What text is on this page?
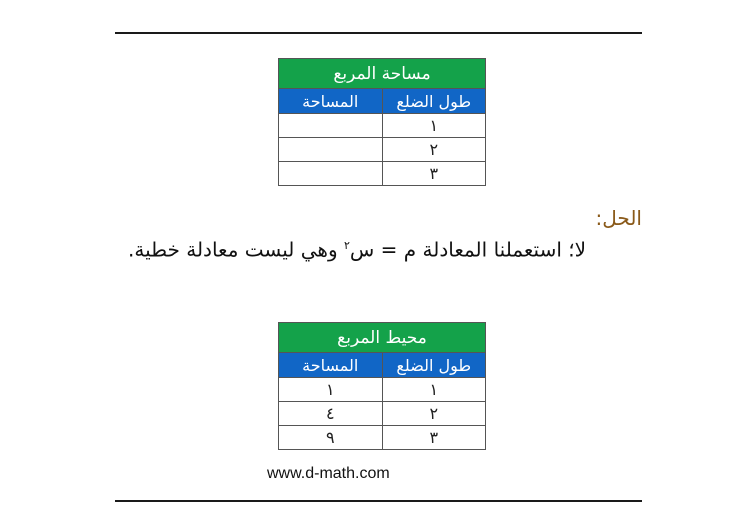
مساحة المربع	
طول الضلع	المساحة
١	
٢	
٣	
الحل:
لا؛ استعملنا المعادلة م = س$^٢$ وهي ليست معادلة خطية.
محيط المربع	
طول الضلع	المساحة
١	١
٢	٤
٣	٩
www.d-math.com
